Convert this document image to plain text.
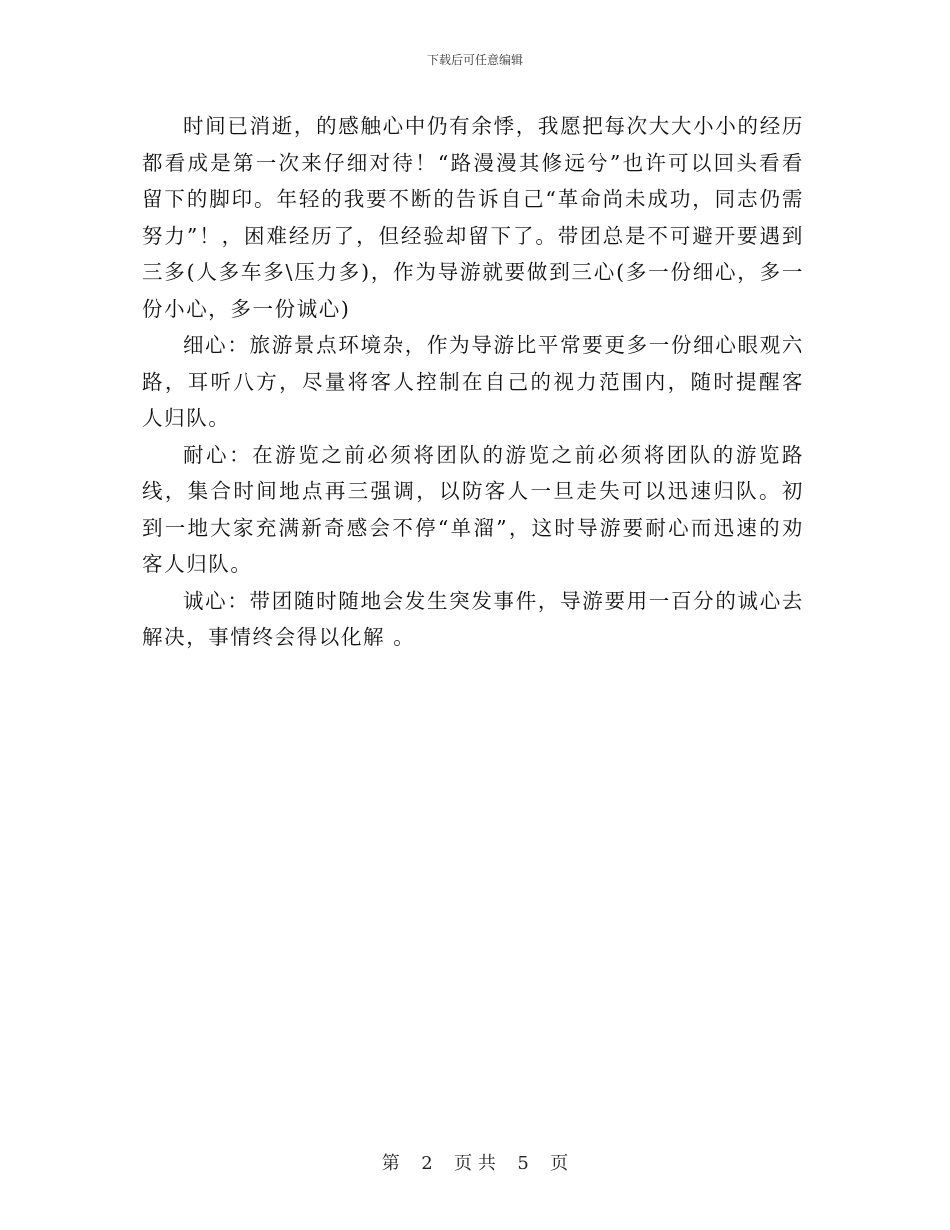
下载后可任意编辑

时间已消逝，的感触心中仍有余悸，我愿把每次大大小小的经历都看成是第一次来仔细对待！“路漫漫其修远兮”也许可以回头看看留下的脚印。年轻的我要不断的告诉自己“革命尚未成功，同志仍需努力”！，困难经历了，但经验却留下了。带团总是不可避开要遇到三多(人多车多\压力多)，作为导游就要做到三心(多一份细心，多一份小心，多一份诚心)

细心：旅游景点环境杂，作为导游比平常要更多一份细心眼观六路，耳听八方，尽量将客人控制在自己的视力范围内，随时提醒客人归队。

耐心：在游览之前必须将团队的游览之前必须将团队的游览路线，集合时间地点再三强调，以防客人一旦走失可以迅速归队。初到一地大家充满新奇感会不停“单溜”，这时导游要耐心而迅速的劝客人归队。

诚心：带团随时随地会发生突发事件，导游要用一百分的诚心去解决，事情终会得以化解 。

第 2 页 共 5 页
